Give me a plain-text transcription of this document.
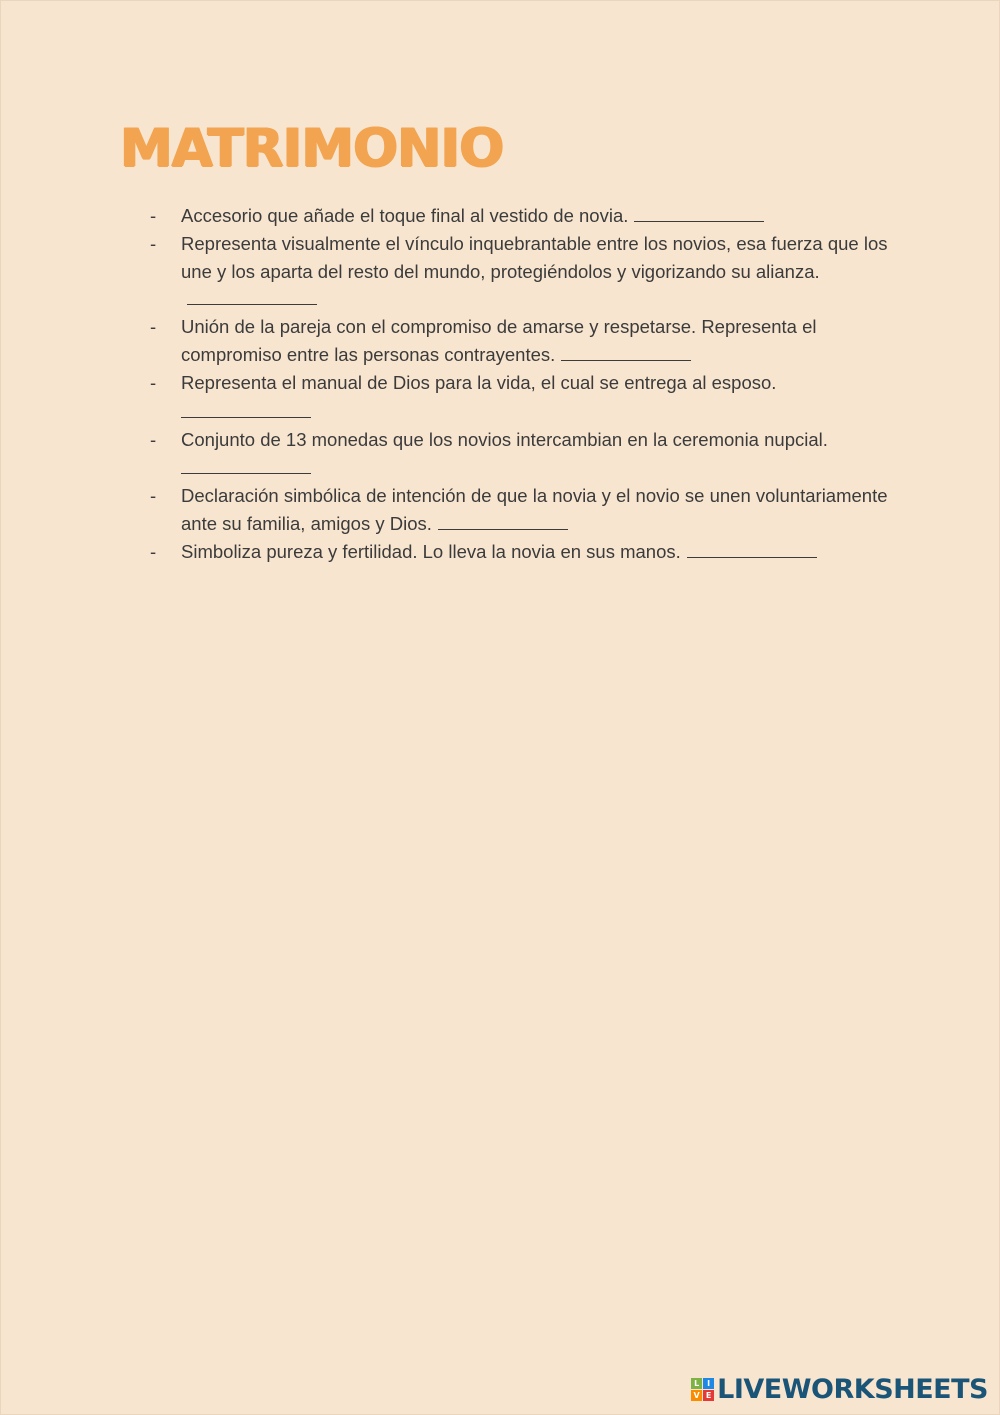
MATRIMONIO
- Accesorio que añade el toque final al vestido de novia.
- Representa visualmente el vínculo inquebrantable entre los novios, esa fuerza que los une y los aparta del resto del mundo, protegiéndolos y vigorizando su alianza.
- Unión de la pareja con el compromiso de amarse y respetarse. Representa el compromiso entre las personas contrayentes.
- Representa el manual de Dios para la vida, el cual se entrega al esposo.
- Conjunto de 13 monedas que los novios intercambian en la ceremonia nupcial.
- Declaración simbólica de intención de que la novia y el novio se unen voluntariamente ante su familia, amigos y Dios.
- Simboliza pureza y fertilidad. Lo lleva la novia en sus manos.
L I
V E LIVEWORKSHEETS
